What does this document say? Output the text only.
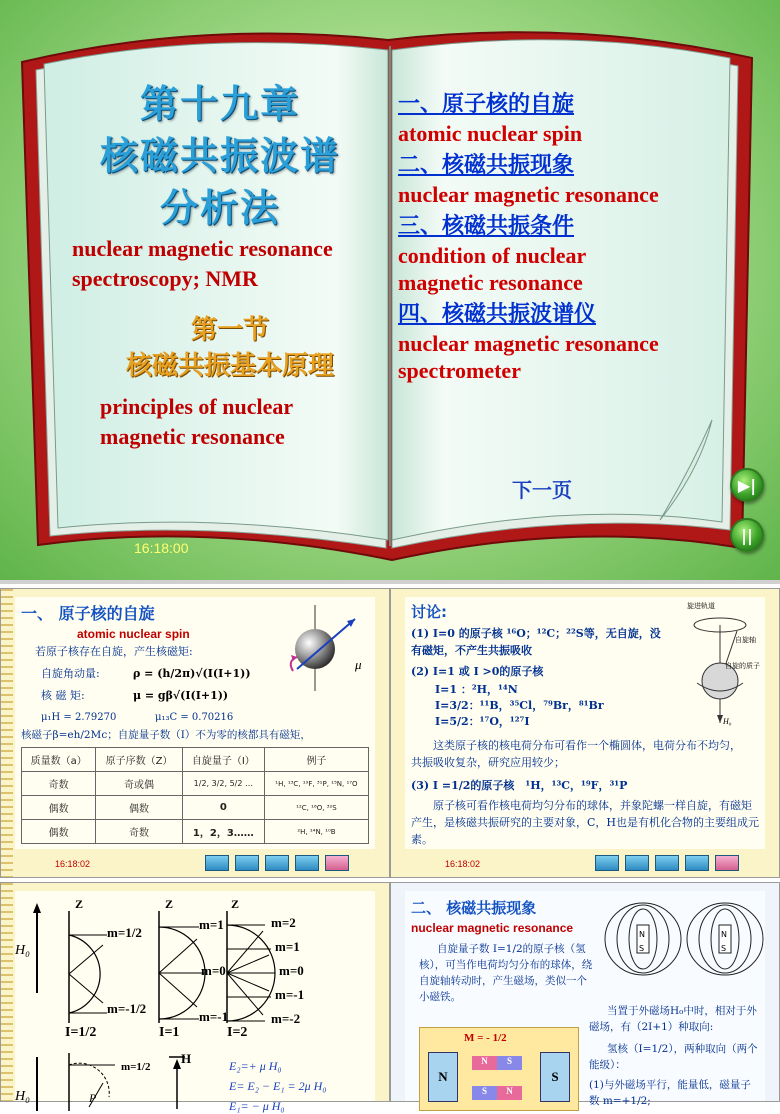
第十九章
核磁共振波谱
分析法
nuclear magnetic resonance
spectroscopy; NMR
第一节
核磁共振基本原理
principles of nuclear
magnetic resonance
一、原子核的自旋
atomic nuclear spin
二、核磁共振现象
nuclear magnetic resonance
三、核磁共振条件
condition of nuclear
magnetic resonance
四、核磁共振波谱仪
nuclear magnetic resonance
spectrometer
下一页
16:18:00
▶|
||
一、 原子核的自旋
atomic nuclear spin
若原子核存在自旋，产生核磁矩:
自旋角动量:	ρ = (h/2π)√(I(I+1))
核 磁 矩:	μ = gβ√(I(I+1))
μ₁H = 2.79270	μ₁₃C = 0.70216
核磁子β=eh/2Mc；自旋量子数（I）不为零的核都具有磁矩，
μ
质量数（a）	原子序数（Z）	自旋量子（I）	例子
奇数	奇或偶	1/2, 3/2, 5/2 …	¹H, ¹³C, ¹⁹F, ³¹P, ¹⁵N, ¹⁷O
偶数	偶数	0	¹²C, ¹⁶O, ³²S
偶数	奇数	1，2，3……	²H, ¹⁴N, ¹⁰B
16:18:02
讨论:
(1) I=0 的原子核 ¹⁶O；¹²C；²²S等，无自旋，没有磁矩，不产生共振吸收
(2) I=1 或 I >0的原子核
I=1 ：²H，¹⁴N
I=3/2：¹¹B，³⁵Cl，⁷⁹Br，⁸¹Br
I=5/2：¹⁷O，¹²⁷I
这类原子核的核电荷分布可看作一个椭圆体，电荷分布不均匀，共振吸收复杂，研究应用较少；
(3) I =1/2的原子核　¹H，¹³C，¹⁹F，³¹P
原子核可看作核电荷均匀分布的球体，并象陀螺一样自旋，有磁矩产生，是核磁共振研究的主要对象，C，H也是有机化合物的主要组成元素。
旋进轨道
自旋轴
自旋的质子
H₀
16:18:02
Z	Z	Z
H₀
m=1/2
m=-1/2
m=1
m=0
m=-1
m=2
m=1
m=0
m=-1
m=-2
I=1/2	I=1	I=2
m=1/2
P
H₀
H	E₂=+ μ H₀
E= E₂ − E₁ = 2μ H₀
E₁= − μ H₀
二、 核磁共振现象
nuclear magnetic resonance
自旋量子数 I=1/2的原子核（氢核），可当作电荷均匀分布的球体，绕自旋轴转动时，产生磁场，类似一个小磁铁。
当置于外磁场H₀中时，相对于外磁场，有（2I+1）种取向:
氢核（I=1/2），两种取向（两个能级）：
(1)与外磁场平行，能量低，磁量子数 m=+1/2;
N
S
N
S
M = - 1/2
N	S
N	S
S	N
